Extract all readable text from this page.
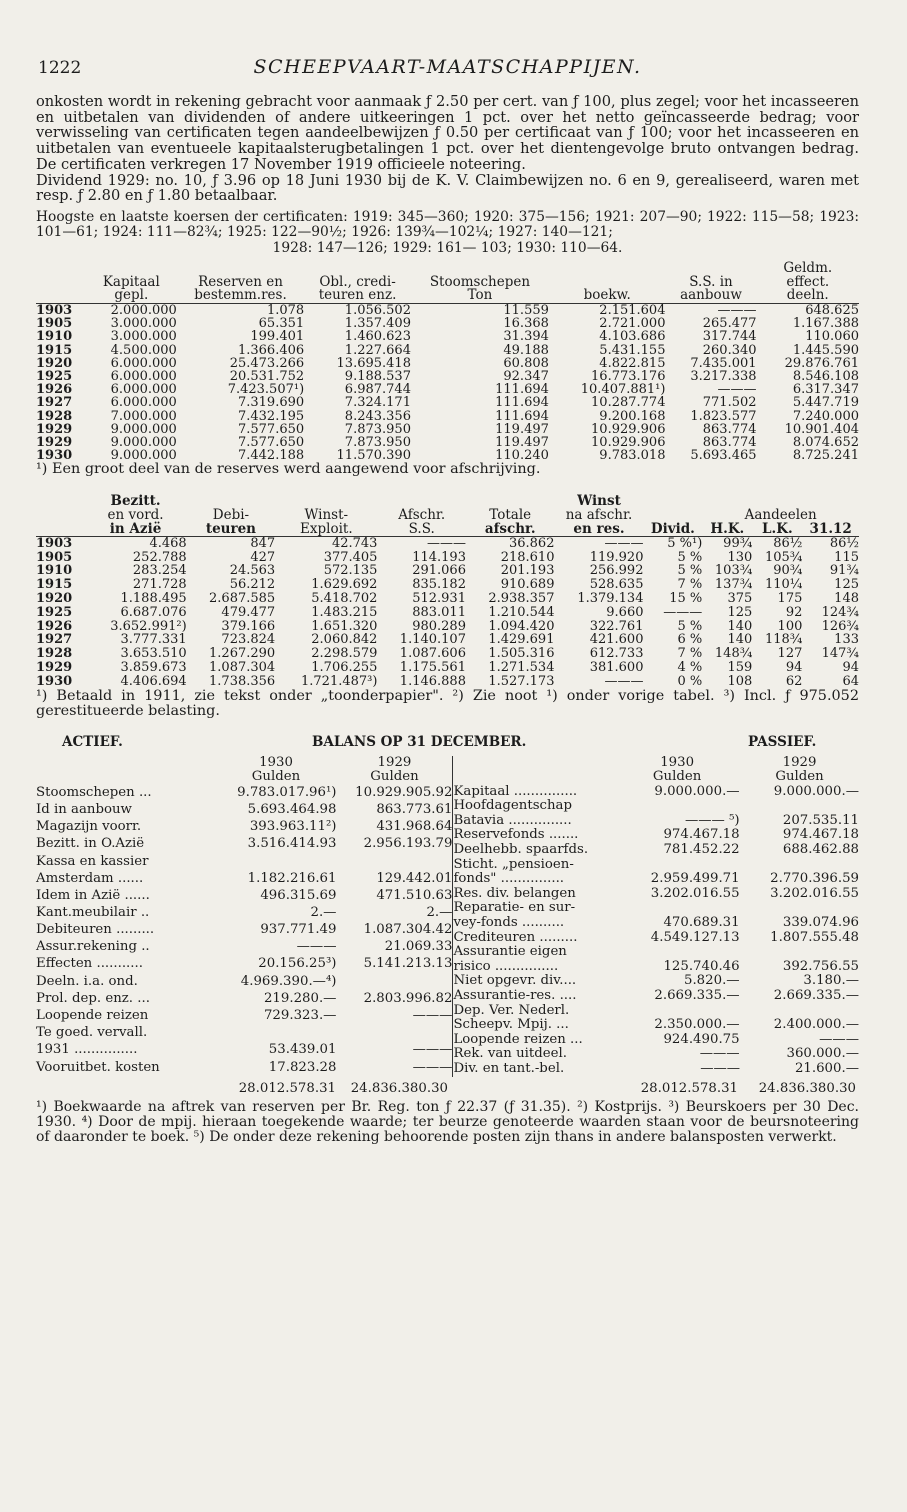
1222	SCHEEPVAART-MAATSCHAPPIJEN.

onkosten wordt in rekening gebracht voor aanmaak ƒ 2.50 per cert. van ƒ 100, plus zegel; voor het incasseeren en uitbetalen van dividenden of andere uitkeeringen 1 pct. over het netto geïncasseerde bedrag; voor verwisseling van certificaten tegen aandeelbewijzen ƒ 0.50 per certificaat van ƒ 100; voor het incasseeren en uitbetalen van eventueele kapitaalsterugbetalingen 1 pct. over het dientengevolge bruto ontvangen bedrag. De certificaten verkregen 17 November 1919 officieele noteering.

Dividend 1929: no. 10, ƒ 3.96 op 18 Juni 1930 bij de K. V. Claimbewijzen no. 6 en 9, gerealiseerd, waren met resp. ƒ 2.80 en ƒ 1.80 betaalbaar.

Hoogste en laatste koersen der certificaten: 1919: 345—360; 1920: 375—156; 1921: 207—90; 1922: 115—58; 1923: 101—61; 1924: 111—82¾; 1925: 122—90½; 1926: 139¾—102¼; 1927: 140—121;

1928: 147—126; 1929: 161— 103; 1930: 110—64.

							Geldm.
	Kapitaal	Reserven en	Obl., credi-	Stoomschepen		S.S. in	effect.
	gepl.	bestemm.res.	teuren enz.	Ton	boekw.	aanbouw	deeln.
1903	2.000.000	1.078	1.056.502	11.559	2.151.604	———	648.625
1905	3.000.000	65.351	1.357.409	16.368	2.721.000	265.477	1.167.388
1910	3.000.000	199.401	1.460.623	31.394	4.103.686	317.744	110.060
1915	4.500.000	1.366.406	1.227.664	49.188	5.431.155	260.340	1.445.590
1920	6.000.000	25.473.266	13.695.418	60.808	4.822.815	7.435.001	29.876.761
1925	6.000.000	20.531.752	9.188.537	92.347	16.773.176	3.217.338	8.546.108
1926	6.000.000	7.423.507¹)	6.987.744	111.694	10.407.881¹)	———	6.317.347
1927	6.000.000	7.319.690	7.324.171	111.694	10.287.774	771.502	5.447.719
1928	7.000.000	7.432.195	8.243.356	111.694	9.200.168	1.823.577	7.240.000
1929	9.000.000	7.577.650	7.873.950	119.497	10.929.906	863.774	10.901.404
1929	9.000.000	7.577.650	7.873.950	119.497	10.929.906	863.774	8.074.652
1930	9.000.000	7.442.188	11.570.390	110.240	9.783.018	5.693.465	8.725.241

¹) Een groot deel van de reserves werd aangewend voor afschrijving.

	Bezitt.					Winst				
	en vord.	Debi-	Winst-	Afschr.	Totale	na afschr.		Aandeelen		
	in Azië	teuren	Exploit.	S.S.	afschr.	en res.	Divid.	H.K.	L.K.	31.12
1903	4.468	847	42.743	———	36.862	———	5 %¹)	99¾	86½	86½
1905	252.788	427	377.405	114.193	218.610	119.920	5 %	130	105¾	115
1910	283.254	24.563	572.135	291.066	201.193	256.992	5 %	103¾	90¾	91¾
1915	271.728	56.212	1.629.692	835.182	910.689	528.635	7 %	137¾	110¼	125
1920	1.188.495	2.687.585	5.418.702	512.931	2.938.357	1.379.134	15 %	375	175	148
1925	6.687.076	479.477	1.483.215	883.011	1.210.544	9.660	———	125	92	124¾
1926	3.652.991²)	379.166	1.651.320	980.289	1.094.420	322.761	5 %	140	100	126¾
1927	3.777.331	723.824	2.060.842	1.140.107	1.429.691	421.600	6 %	140	118¾	133
1928	3.653.510	1.267.290	2.298.579	1.087.606	1.505.316	612.733	7 %	148¾	127	147¾
1929	3.859.673	1.087.304	1.706.255	1.175.561	1.271.534	381.600	4 %	159	94	94
1930	4.406.694	1.738.356	1.721.487³)	1.146.888	1.527.173	———	0 %	108	62	64

¹) Betaald in 1911, zie tekst onder „toonderpapier". ²) Zie noot ¹) onder vorige tabel. ³) Incl. ƒ 975.052 gerestitueerde belasting.

ACTIEF.	BALANS OP 31 DECEMBER.	PASSIEF.
	1930	1929
	Gulden	Gulden
Stoomschepen ...	9.783.017.96¹)	10.929.905.92
Id in aanbouw	5.693.464.98	863.773.61
Magazijn voorr.	393.963.11²)	431.968.64
Bezitt. in O.Azië	3.516.414.93	2.956.193.79
Kassa en kassier		
Amsterdam ......	1.182.216.61	129.442.01
Idem in Azië ......	496.315.69	471.510.63
Kant.meubilair ..	2.—	2.—
Debiteuren .........	937.771.49	1.087.304.42
Assur.rekening ..	———	21.069.33
Effecten ...........	20.156.25³)	5.141.213.13
Deeln. i.a. ond.	4.969.390.—⁴)	
Prol. dep. enz. ...	219.280.—	2.803.996.82
Loopende reizen	729.323.—	———
Te goed. vervall.		
1931 ...............	53.439.01	———
Vooruitbet. kosten	17.823.28	———
	1930	1929
	Gulden	Gulden
Kapitaal ...............	9.000.000.—	9.000.000.—
Hoofdagentschap		
Batavia ...............	——— ⁵)	207.535.11
Reservefonds .......	974.467.18	974.467.18
Deelhebb. spaarfds.	781.452.22	688.462.88
Sticht. „pensioen-		
fonds" ...............	2.959.499.71	2.770.396.59
Res. div. belangen	3.202.016.55	3.202.016.55
Reparatie- en sur-		
vey-fonds ..........	470.689.31	339.074.96
Crediteuren .........	4.549.127.13	1.807.555.48
Assurantie eigen		
risico ...............	125.740.46	392.756.55
Niet opgevr. div....	5.820.—	3.180.—
Assurantie-res. ....	2.669.335.—	2.669.335.—
Dep. Ver. Nederl.		
Scheepv. Mpij. ...	2.350.000.—	2.400.000.—
Loopende reizen ...	924.490.75	———
Rek. van uitdeel.	———	360.000.—
Div. en tant.-bel.	———	21.600.—
28.012.578.31	24.836.380.30	28.012.578.31	24.836.380.30

¹) Boekwaarde na aftrek van reserven per Br. Reg. ton ƒ 22.37 (ƒ 31.35). ²) Kostprijs. ³) Beurskoers per 30 Dec. 1930. ⁴) Door de mpij. hieraan toegekende waarde; ter beurze genoteerde waarden staan voor de beursnoteering of daaronder te boek. ⁵) De onder deze rekening behoorende posten zijn thans in andere balansposten verwerkt.
